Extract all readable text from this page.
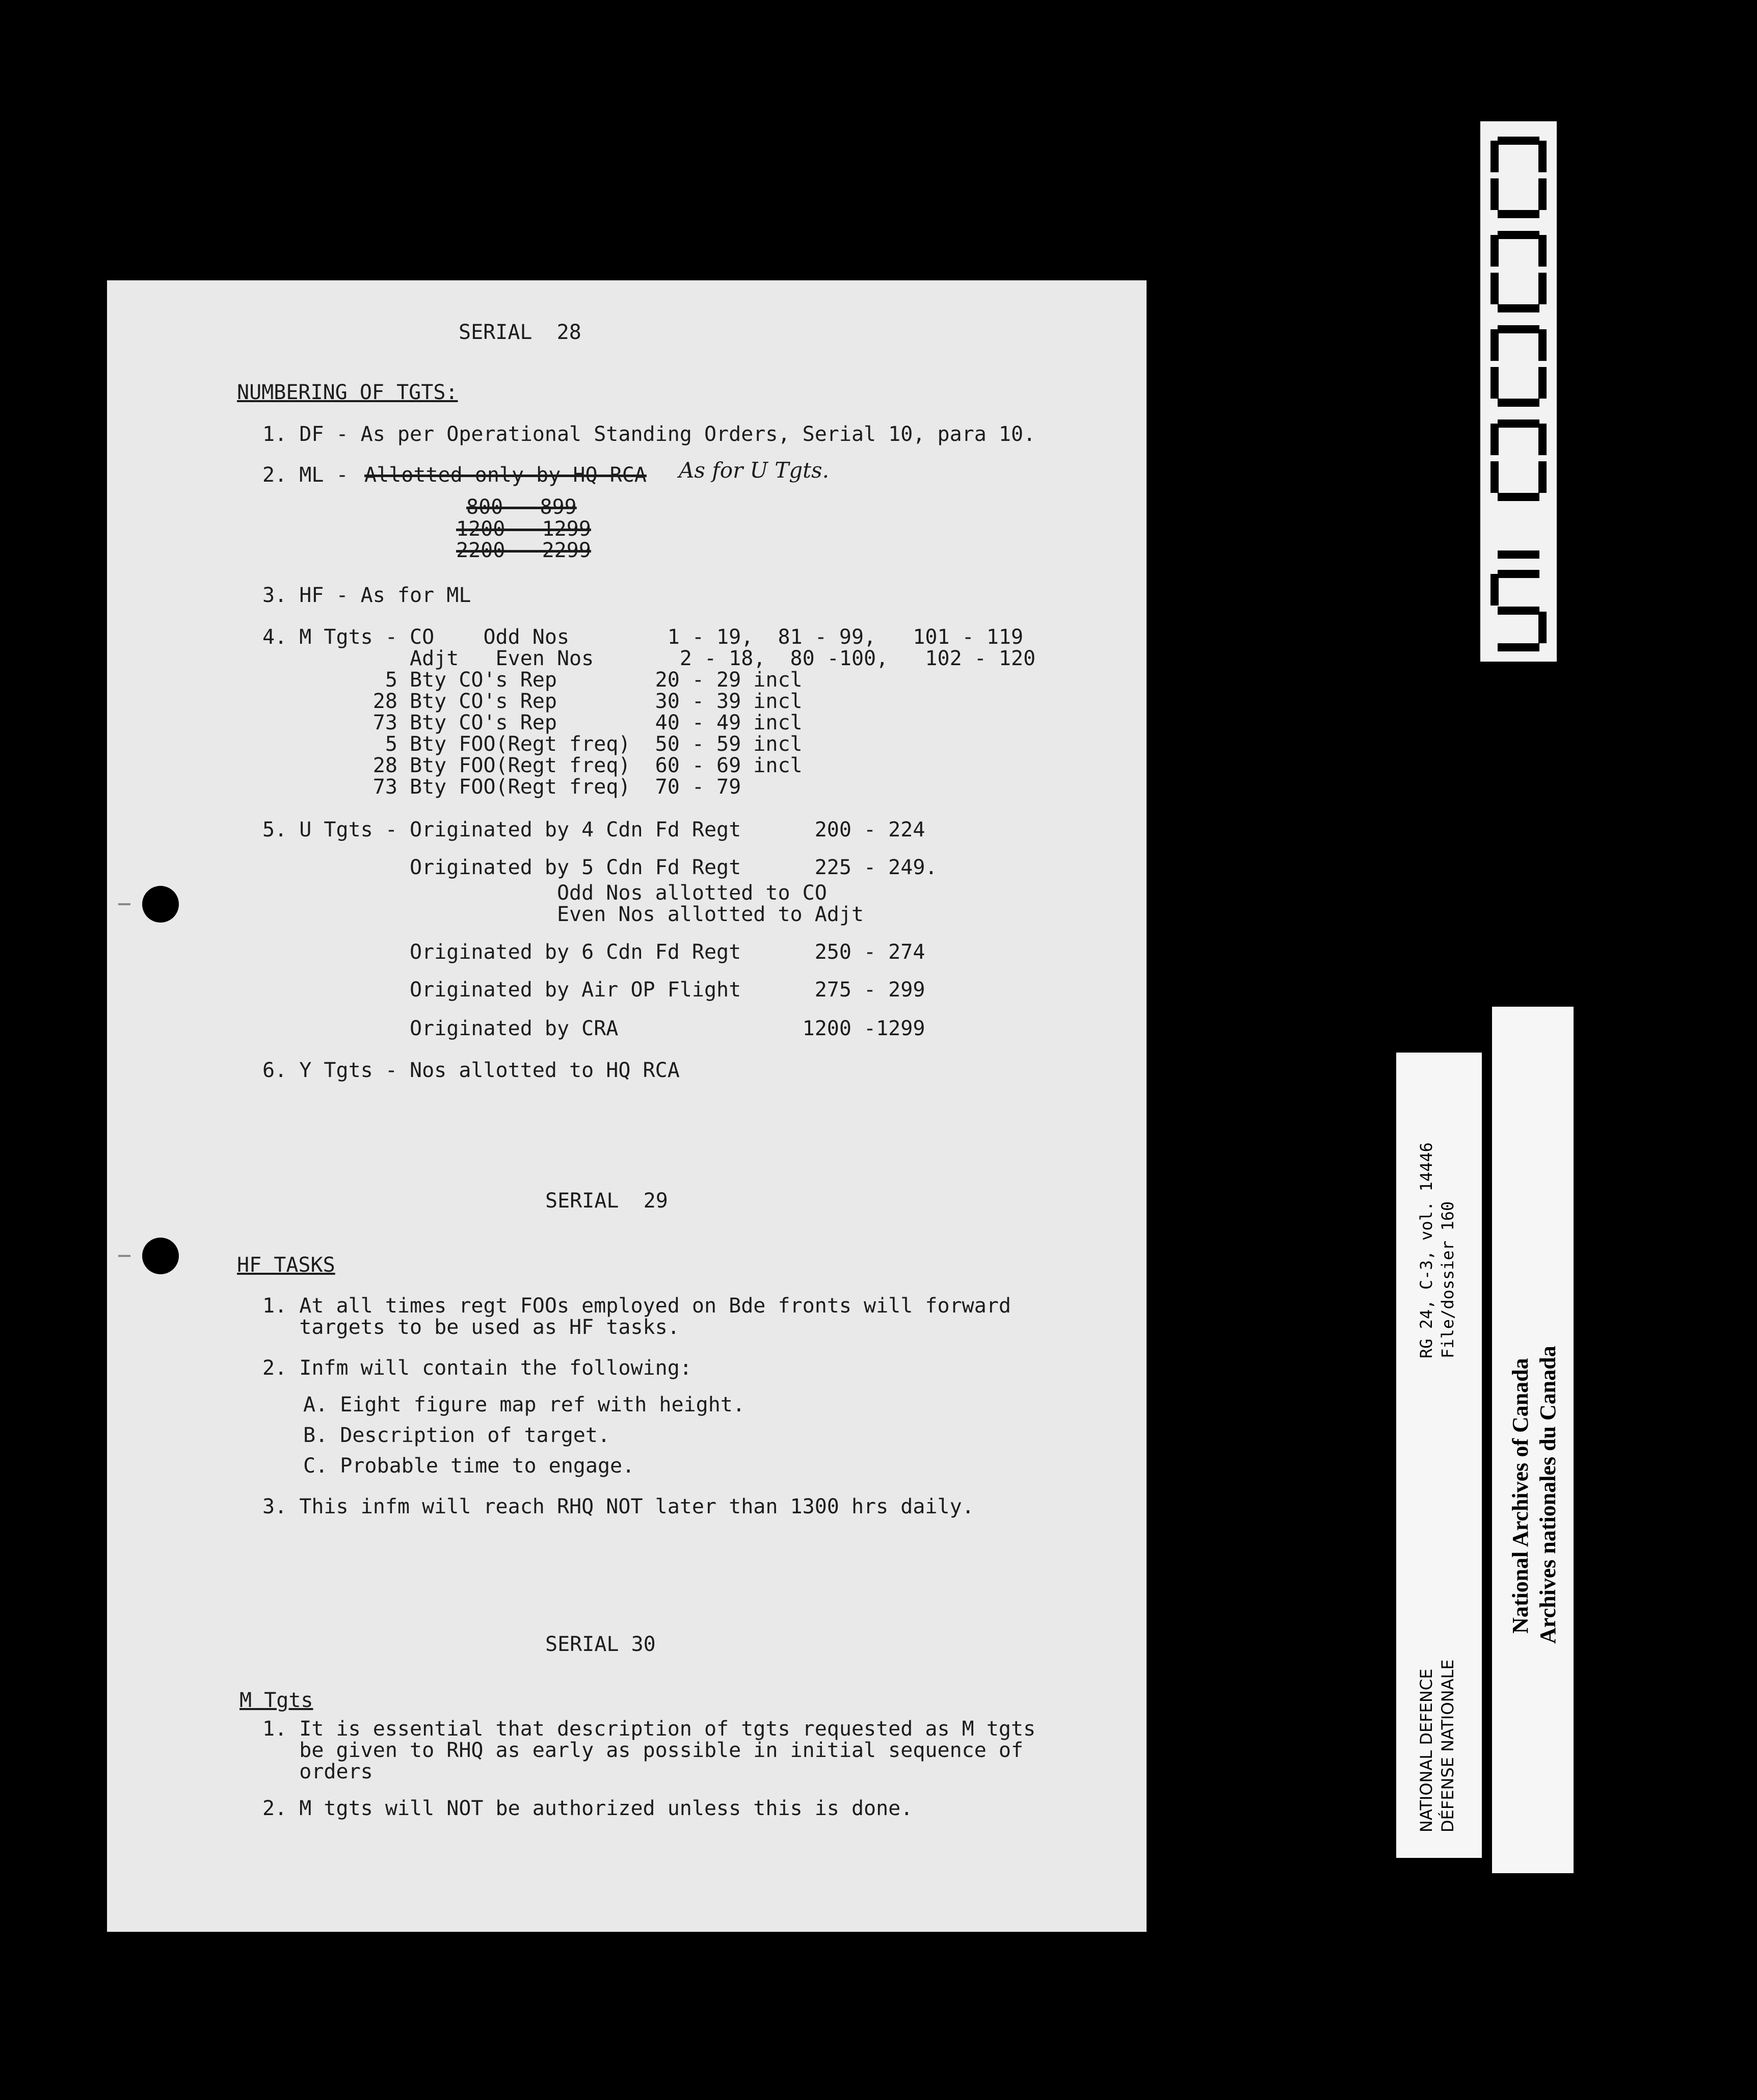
SERIAL  28
NUMBERING OF TGTS:
1. DF - As per Operational Standing Orders, Serial 10, para 10.
2. ML - Allotted only by HQ RCA As for U Tgts.
800 - 899
1200 - 1299
2200 - 2299
3. HF - As for ML
4. M Tgts - CO    Odd Nos        1 - 19,  81 - 99,   101 - 119
Adjt   Even Nos       2 - 18,  80 -100,   102 - 120
5 Bty CO's Rep        20 - 29 incl
28 Bty CO's Rep        30 - 39 incl
73 Bty CO's Rep        40 - 49 incl
5 Bty FOO(Regt freq)  50 - 59 incl
28 Bty FOO(Regt freq)  60 - 69 incl
73 Bty FOO(Regt freq)  70 - 79
5. U Tgts - Originated by 4 Cdn Fd Regt      200 - 224
Originated by 5 Cdn Fd Regt      225 - 249.
Odd Nos allotted to CO
Even Nos allotted to Adjt
Originated by 6 Cdn Fd Regt      250 - 274
Originated by Air OP Flight      275 - 299
Originated by CRA               1200 -1299
6. Y Tgts - Nos allotted to HQ RCA
SERIAL  29
HF TASKS
1. At all times regt FOOs employed on Bde fronts will forward
targets to be used as HF tasks.
2. Infm will contain the following:
A. Eight figure map ref with height.
B. Description of target.
C. Probable time to engage.
3. This infm will reach RHQ NOT later than 1300 hrs daily.
SERIAL 30
M Tgts
1. It is essential that description of tgts requested as M tgts
be given to RHQ as early as possible in initial sequence of
orders
2. M tgts will NOT be authorized unless this is done.
RG 24, C-3, vol. 14446 File/dossier 160
NATIONAL DEFENCE DÉFENSE NATIONALE
National Archives of Canada Archives nationales du Canada
